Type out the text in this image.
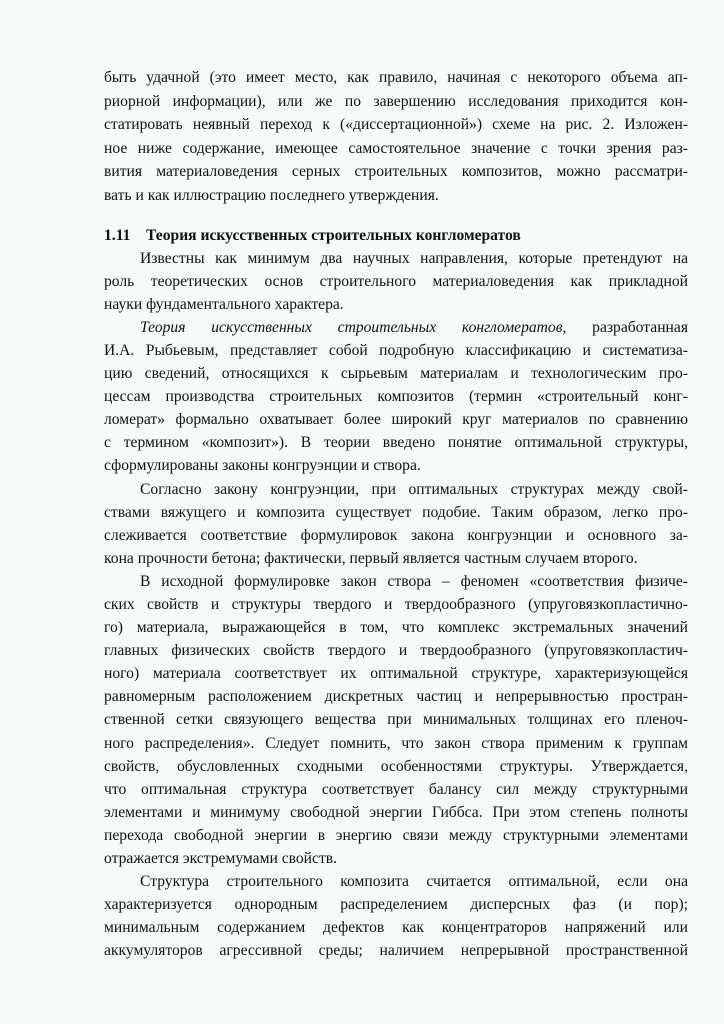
быть удачной (это имеет место, как правило, начиная с некоторого объема ап-
риорной информации), или же по завершению исследования приходится кон-
статировать неявный переход к («диссертационной») схеме на рис. 2. Изложен-
ное ниже содержание, имеющее самостоятельное значение с точки зрения раз-
вития материаловедения серных строительных композитов, можно рассматри-
вать и как иллюстрацию последнего утверждения.
1.11 Теория искусственных строительных конгломератов
Известны как минимум два научных направления, которые претендуют на
роль теоретических основ строительного материаловедения как прикладной
науки фундаментального характера.
Теория искусственных строительных конгломератов, разработанная
И.А. Рыбьевым, представляет собой подробную классификацию и систематиза-
цию сведений, относящихся к сырьевым материалам и технологическим про-
цессам производства строительных композитов (термин «строительный конг-
ломерат» формально охватывает более широкий круг материалов по сравнению
с термином «композит»). В теории введено понятие оптимальной структуры,
сформулированы законы конгруэнции и створа.
Согласно закону конгруэнции, при оптимальных структурах между свой-
ствами вяжущего и композита существует подобие. Таким образом, легко про-
слеживается соответствие формулировок закона конгруэнции и основного за-
кона прочности бетона; фактически, первый является частным случаем второго.
В исходной формулировке закон створа – феномен «соответствия физиче-
ских свойств и структуры твердого и твердообразного (упруговязкопластично-
го) материала, выражающейся в том, что комплекс экстремальных значений
главных физических свойств твердого и твердообразного (упруговязкопластич-
ного) материала соответствует их оптимальной структуре, характеризующейся
равномерным расположением дискретных частиц и непрерывностью простран-
ственной сетки связующего вещества при минимальных толщинах его пленоч-
ного распределения». Следует помнить, что закон створа применим к группам
свойств, обусловленных сходными особенностями структуры. Утверждается,
что оптимальная структура соответствует балансу сил между структурными
элементами и минимуму свободной энергии Гиббса. При этом степень полноты
перехода свободной энергии в энергию связи между структурными элементами
отражается экстремумами свойств.
Структура строительного композита считается оптимальной, если она
характеризуется однородным распределением дисперсных фаз (и пор);
минимальным содержанием дефектов как концентраторов напряжений или
аккумуляторов агрессивной среды; наличием непрерывной пространственной
